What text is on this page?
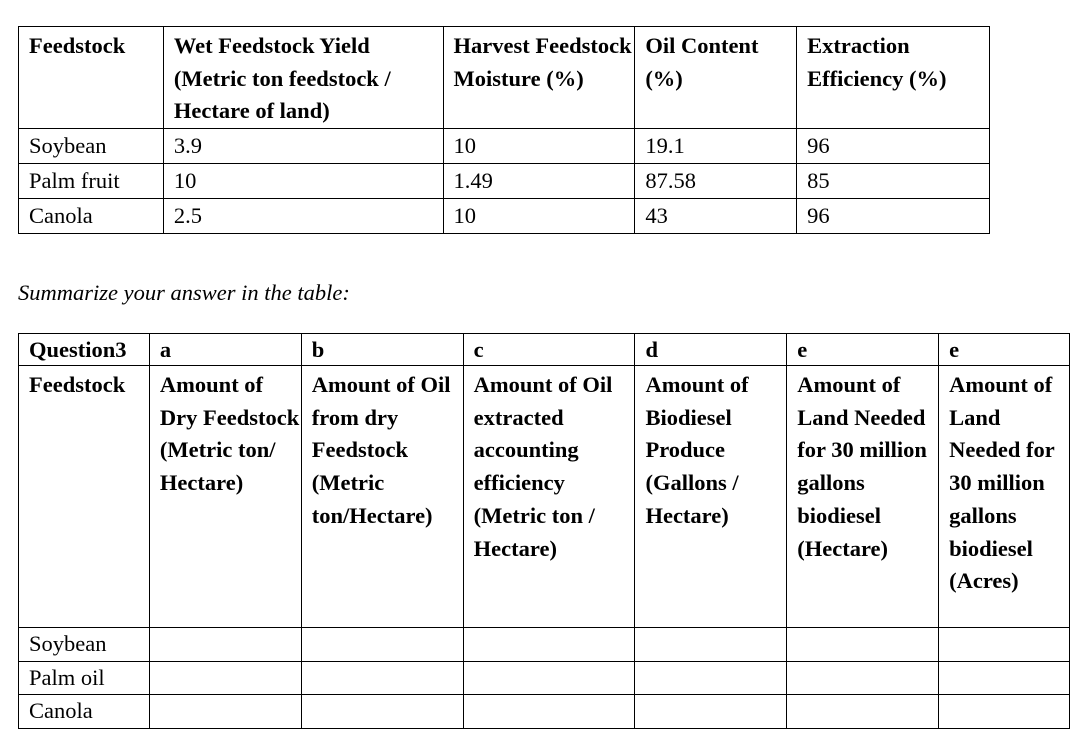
Feedstock	Wet Feedstock Yield (Metric ton feedstock / Hectare of land)	Harvest Feedstock Moisture (%)	Oil Content (%)	Extraction Efficiency (%)
Soybean	3.9	10	19.1	96
Palm fruit	10	1.49	87.58	85
Canola	2.5	10	43	96

Summarize your answer in the table:

Question3	a	b	c	d	e	e
Feedstock	Amount of Dry Feedstock (Metric ton/ Hectare)	Amount of Oil from dry Feedstock (Metric ton/Hectare)	Amount of Oil extracted accounting efficiency (Metric ton / Hectare)	Amount of Biodiesel Produce (Gallons / Hectare)	Amount of Land Needed for 30 million gallons biodiesel (Hectare)	Amount of Land Needed for 30 million gallons biodiesel (Acres)
Soybean						
Palm oil						
Canola						
